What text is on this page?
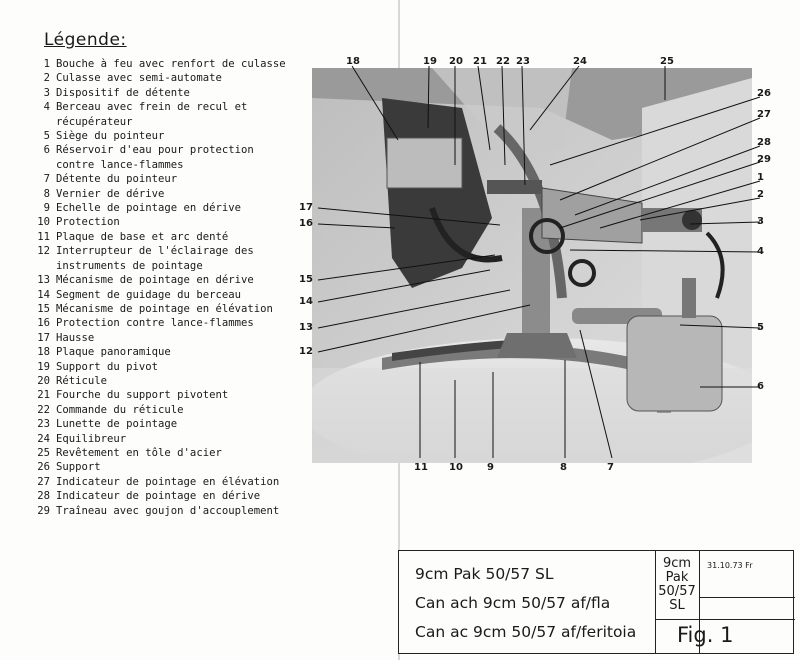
Légende:
1 Bouche à feu avec renfort de culasse
2 Culasse avec semi-automate
3 Dispositif de détente
4 Berceau avec frein de recul et récupérateur
5 Siège du pointeur
6 Réservoir d'eau pour protection contre lance-flammes
7 Détente du pointeur
8 Vernier de dérive
9 Echelle de pointage en dérive
10 Protection
11 Plaque de base et arc denté
12 Interrupteur de l'éclairage des instruments de pointage
13 Mécanisme de pointage en dérive
14 Segment de guidage du berceau
15 Mécanisme de pointage en élévation
16 Protection contre lance-flammes
17 Hausse
18 Plaque panoramique
19 Support du pivot
20 Réticule
21 Fourche du support pivotent
22 Commande du réticule
23 Lunette de pointage
24 Equilibreur
25 Revêtement en tôle d'acier
26 Support
27 Indicateur de pointage en élévation
28 Indicateur de pointage en dérive
29 Traîneau avec goujon d'accouplement
18	19 20 21 22 23	24	25
26
27
28
29
1
2
3
4
5
6
17
16
15
14
13
12
11 10 9	8	7
9cm Pak 50/57 SL
Can ach 9cm 50/57 af/fla
Can ac 9cm 50/57 af/feritoia
9cm
Pak
50/57
SL
31.10.73 Fr
Fig. 1
